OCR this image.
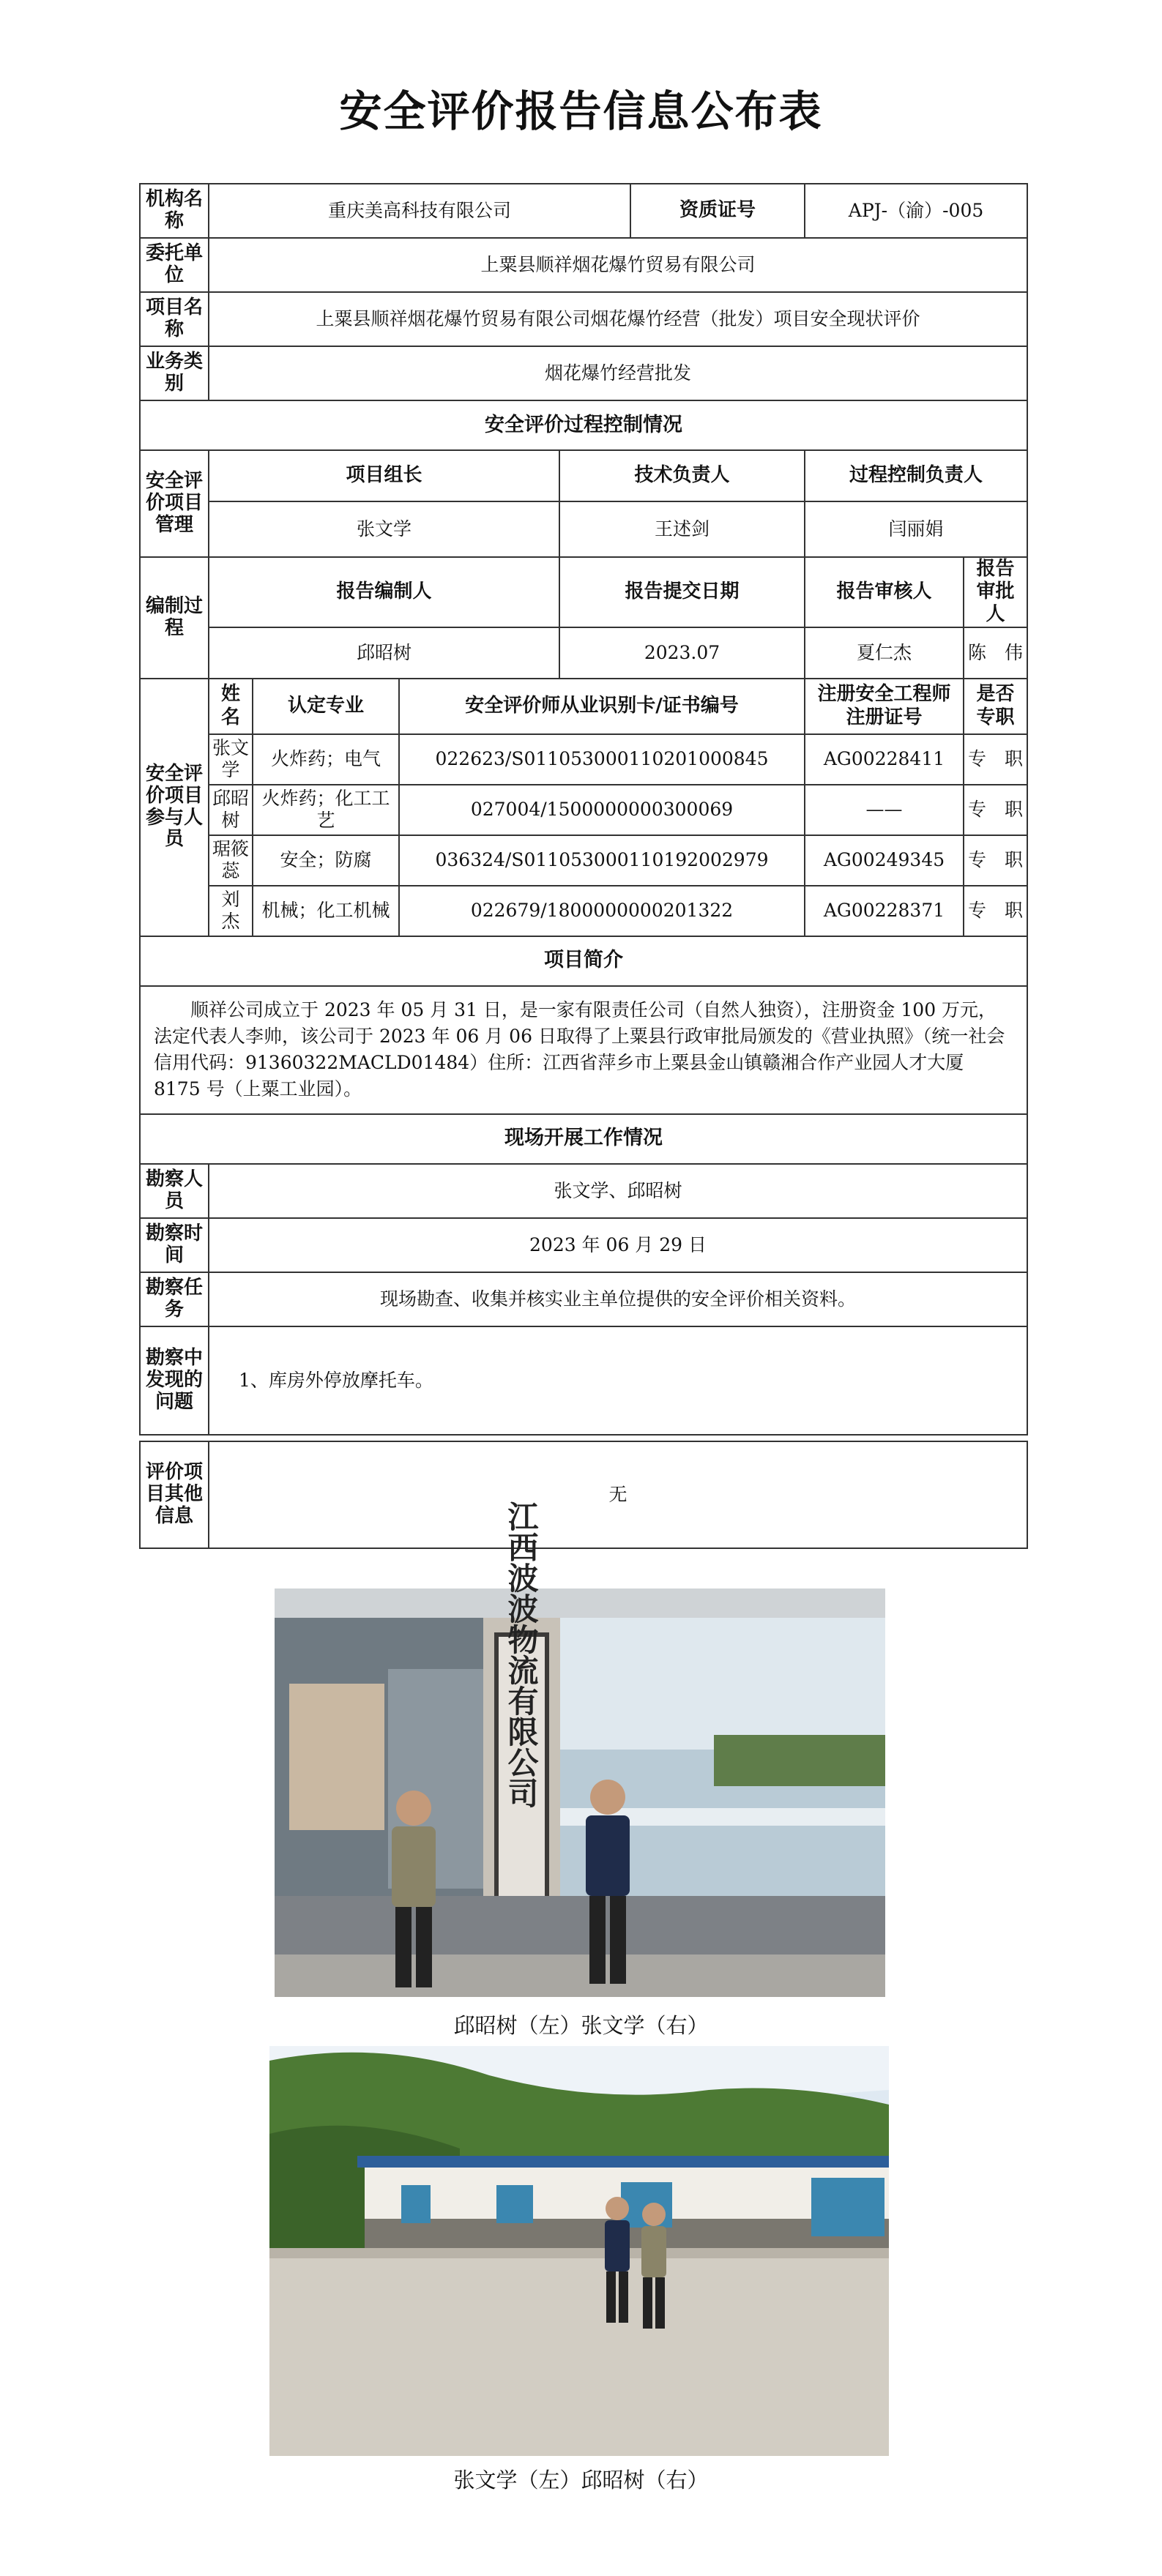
安全评价报告信息公布表
机构名称	重庆美高科技有限公司				资质证号	APJ-（渝）-005	
委托单位	上粟县顺祥烟花爆竹贸易有限公司						
项目名称	上粟县顺祥烟花爆竹贸易有限公司烟花爆竹经营（批发）项目安全现状评价						
业务类别	烟花爆竹经营批发						
安全评价过程控制情况							
安全评价项目管理	项目组长			技术负责人		过程控制负责人	
	张文学			王述剑		闫丽娟	
编制过程	报告编制人			报告提交日期		报告审核人	报告审批人
	邱昭树			2023.07		夏仁杰	陈　伟
安全评价项目参与人员	姓　名	认定专业	安全评价师从业识别卡/证书编号			注册安全工程师注册证号	是否专职
	张文学	火炸药；电气	022623/S011053000110201000845			AG00228411	专　职
	邱昭树	火炸药；化工工艺	027004/1500000000300069			——	专　职
	琚筱蕊	安全；防腐	036324/S011053000110192002979			AG00249345	专　职
	刘　杰	机械；化工机械	022679/1800000000201322			AG00228371	专　职
项目简介							
顺祥公司成立于 2023 年 05 月 31 日，是一家有限责任公司（自然人独资），注册资金 100 万元，法定代表人李帅，该公司于 2023 年 06 月 06 日取得了上粟县行政审批局颁发的《营业执照》（统一社会信用代码：91360322MACLD01484）住所：江西省萍乡市上粟县金山镇赣湘合作产业园人才大厦 8175 号（上粟工业园）。							
现场开展工作情况							
勘察人员	张文学、邱昭树						
勘察时间	2023 年 06 月 29 日						
勘察任务	现场勘查、收集并核实业主单位提供的安全评价相关资料。						
勘察中发现的问题	1、库房外停放摩托车。						
评价项目其他信息	无
江西波波物流有限公司
邱昭树（左）张文学（右）
张文学（左）邱昭树（右）
